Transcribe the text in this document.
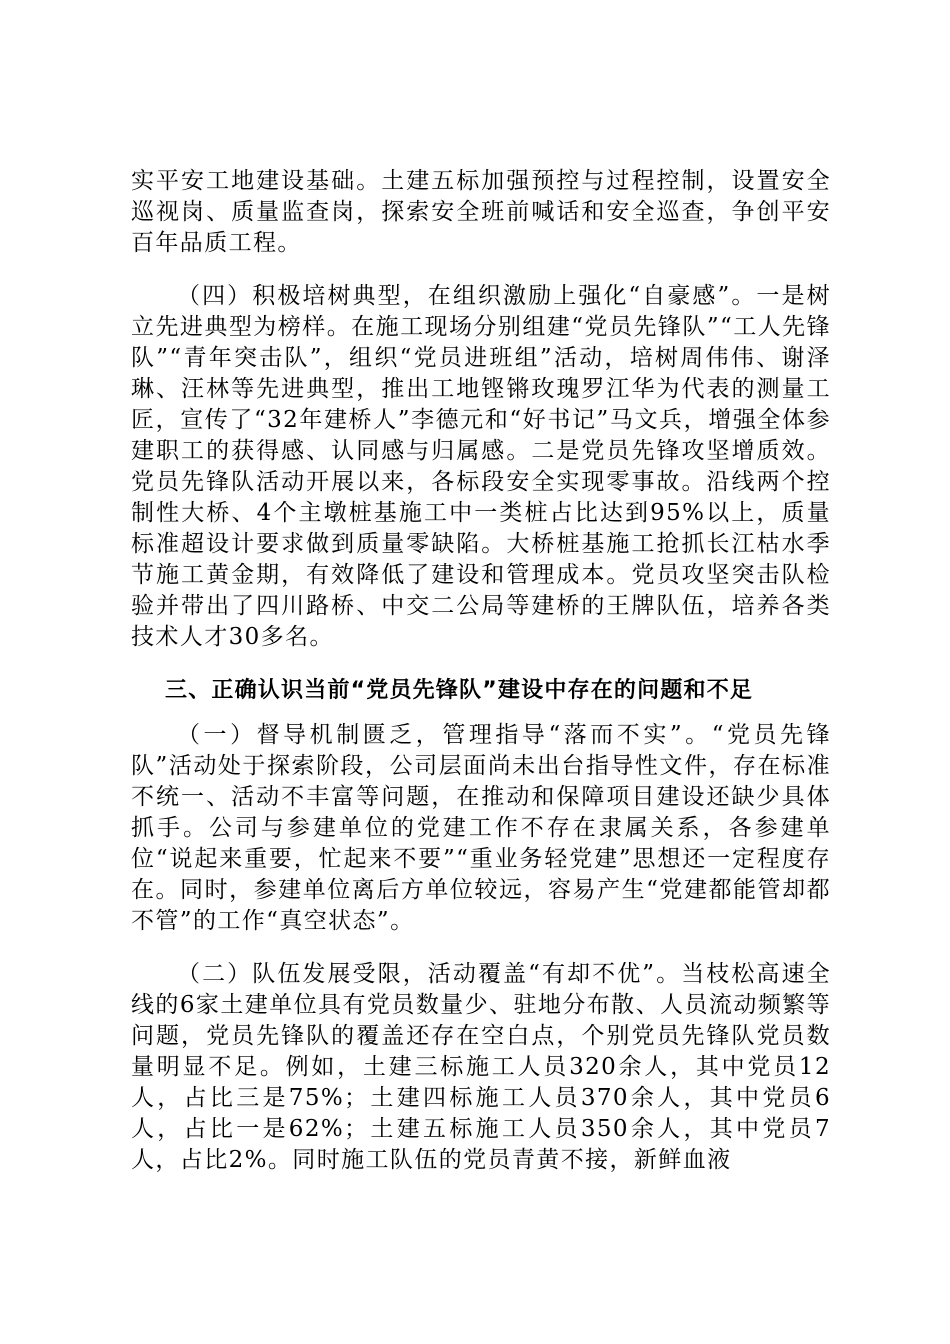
实平安工地建设基础。土建五标加强预控与过程控制，设置安全巡视岗、质量监查岗，探索安全班前喊话和安全巡查，争创平安百年品质工程。

（四）积极培树典型，在组织激励上强化“自豪感”。一是树立先进典型为榜样。在施工现场分别组建“党员先锋队”“工人先锋队”“青年突击队”，组织“党员进班组”活动，培树周伟伟、谢泽琳、汪林等先进典型，推出工地铿锵玫瑰罗江华为代表的测量工匠，宣传了“32年建桥人”李德元和“好书记”马文兵，增强全体参建职工的获得感、认同感与归属感。二是党员先锋攻坚增质效。党员先锋队活动开展以来，各标段安全实现零事故。沿线两个控制性大桥、4个主墩桩基施工中一类桩占比达到95%以上，质量标准超设计要求做到质量零缺陷。大桥桩基施工抢抓长江枯水季节施工黄金期，有效降低了建设和管理成本。党员攻坚突击队检验并带出了四川路桥、中交二公局等建桥的王牌队伍，培养各类技术人才30多名。

三、正确认识当前“党员先锋队”建设中存在的问题和不足

（一）督导机制匮乏，管理指导“落而不实”。“党员先锋队”活动处于探索阶段，公司层面尚未出台指导性文件，存在标准不统一、活动不丰富等问题，在推动和保障项目建设还缺少具体抓手。公司与参建单位的党建工作不存在隶属关系，各参建单位“说起来重要，忙起来不要”“重业务轻党建”思想还一定程度存在。同时，参建单位离后方单位较远，容易产生“党建都能管却都不管”的工作“真空状态”。

（二）队伍发展受限，活动覆盖“有却不优”。当枝松高速全线的6家土建单位具有党员数量少、驻地分布散、人员流动频繁等问题，党员先锋队的覆盖还存在空白点，个别党员先锋队党员数量明显不足。例如，土建三标施工人员320余人，其中党员12人，占比三是75%；土建四标施工人员370余人，其中党员6人，占比一是62%；土建五标施工人员350余人，其中党员7人，占比2%。同时施工队伍的党员青黄不接，新鲜血液
